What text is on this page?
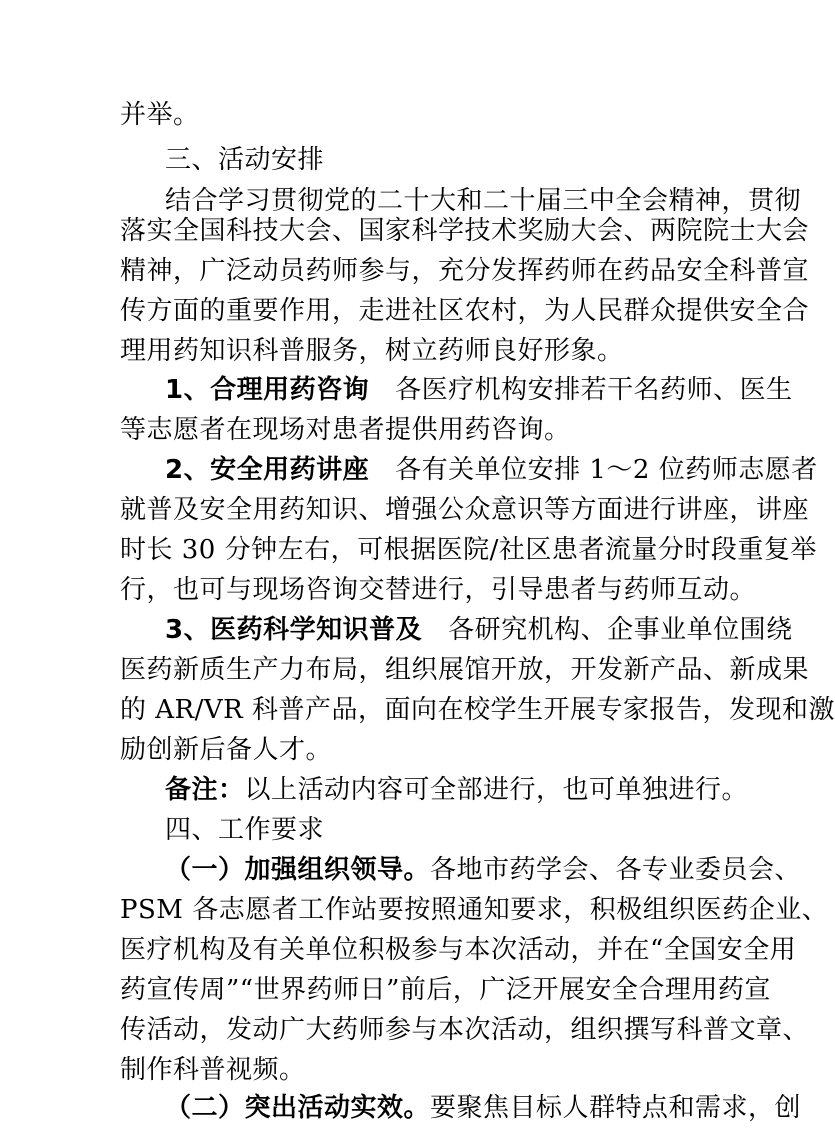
并举。
三、活动安排
结合学习贯彻党的二十大和二十届三中全会精神，贯彻
落实全国科技大会、国家科学技术奖励大会、两院院士大会
精神，广泛动员药师参与，充分发挥药师在药品安全科普宣
传方面的重要作用，走进社区农村，为人民群众提供安全合
理用药知识科普服务，树立药师良好形象。
1、合理用药咨询 各医疗机构安排若干名药师、医生
等志愿者在现场对患者提供用药咨询。
2、安全用药讲座 各有关单位安排 1～2 位药师志愿者
就普及安全用药知识、增强公众意识等方面进行讲座，讲座
时长 30 分钟左右，可根据医院/社区患者流量分时段重复举
行，也可与现场咨询交替进行，引导患者与药师互动。
3、医药科学知识普及 各研究机构、企事业单位围绕
医药新质生产力布局，组织展馆开放，开发新产品、新成果
的 AR/VR 科普产品，面向在校学生开展专家报告，发现和激
励创新后备人才。
备注：以上活动内容可全部进行，也可单独进行。
四、工作要求
（一）加强组织领导。各地市药学会、各专业委员会、
PSM 各志愿者工作站要按照通知要求，积极组织医药企业、
医疗机构及有关单位积极参与本次活动，并在“全国安全用
药宣传周”“世界药师日”前后，广泛开展安全合理用药宣
传活动，发动广大药师参与本次活动，组织撰写科普文章、
制作科普视频。
（二）突出活动实效。要聚焦目标人群特点和需求，创
